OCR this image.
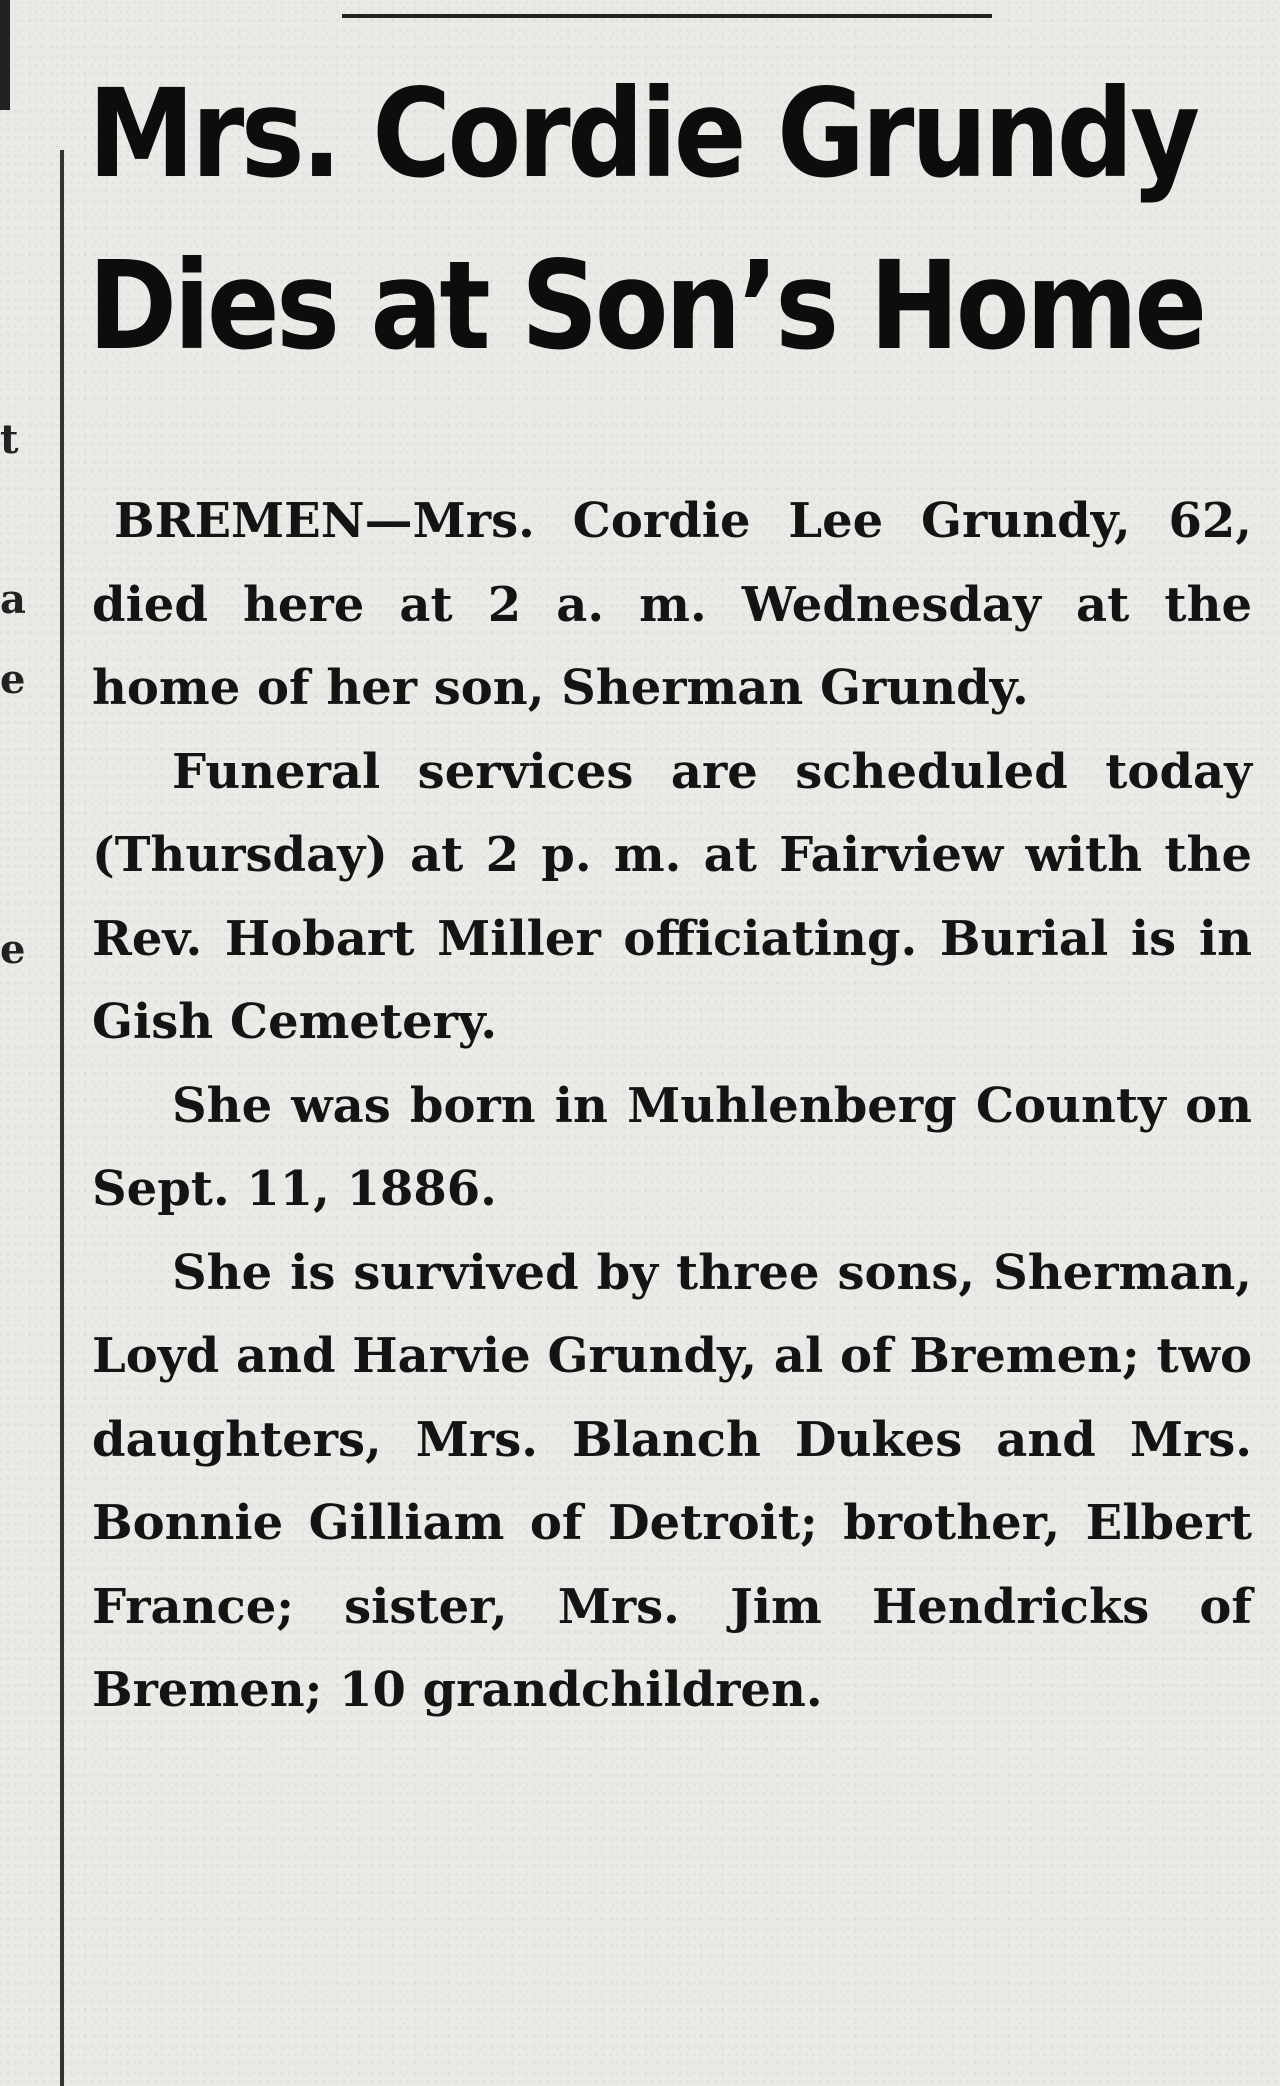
t
a
e
e
Mrs. Cordie Grundy
Dies at Son’s Home

BREMEN—Mrs. Cordie Lee Grundy, 62, died here at 2 a. m. Wednesday at the home of her son, Sherman Grundy.

Funeral services are scheduled today (Thursday) at 2 p. m. at Fairview with the Rev. Hobart Miller officiating. Burial is in Gish Cemetery.

She was born in Muhlenberg County on Sept. 11, 1886.

She is survived by three sons, Sherman, Loyd and Harvie Grundy, al of Bremen; two daughters, Mrs. Blanch Dukes and Mrs. Bonnie Gilliam of Detroit; brother, Elbert France; sister, Mrs. Jim Hendricks of Bremen; 10 grandchildren.
